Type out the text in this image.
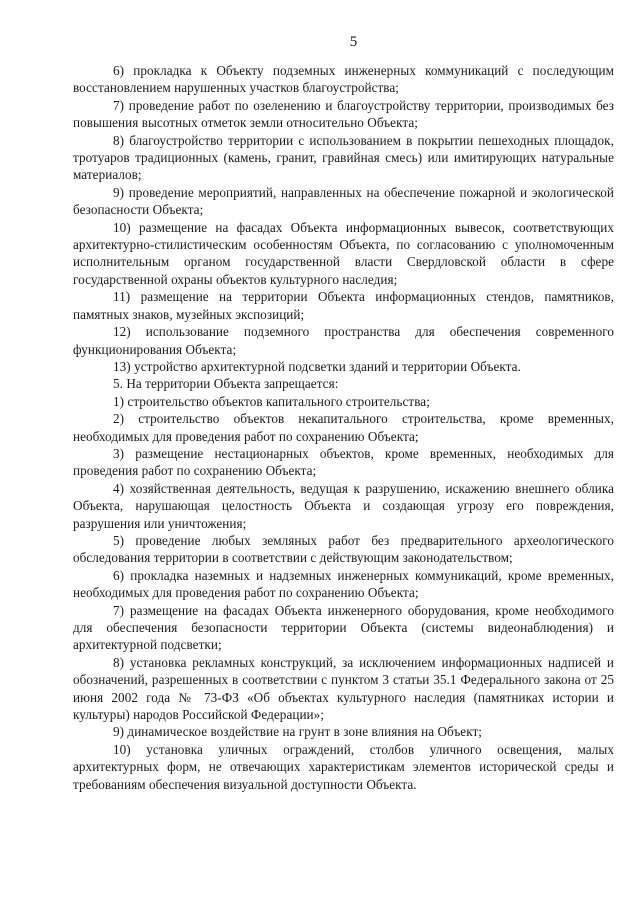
5

6) прокладка к Объекту подземных инженерных коммуникаций с последующим восстановлением нарушенных участков благоустройства;

7) проведение работ по озеленению и благоустройству территории, производимых без повышения высотных отметок земли относительно Объекта;

8) благоустройство территории с использованием в покрытии пешеходных площадок, тротуаров традиционных (камень, гранит, гравийная смесь) или имитирующих натуральные материалов;

9) проведение мероприятий, направленных на обеспечение пожарной и экологической безопасности Объекта;

10) размещение на фасадах Объекта информационных вывесок, соответствующих архитектурно-стилистическим особенностям Объекта, по согласованию с уполномоченным исполнительным органом государственной власти Свердловской области в сфере государственной охраны объектов культурного наследия;

11) размещение на территории Объекта информационных стендов, памятников, памятных знаков, музейных экспозиций;

12) использование подземного пространства для обеспечения современного функционирования Объекта;

13) устройство архитектурной подсветки зданий и территории Объекта.

5. На территории Объекта запрещается:

1) строительство объектов капитального строительства;

2) строительство объектов некапитального строительства, кроме временных, необходимых для проведения работ по сохранению Объекта;

3) размещение нестационарных объектов, кроме временных, необходимых для проведения работ по сохранению Объекта;

4) хозяйственная деятельность, ведущая к разрушению, искажению внешнего облика Объекта, нарушающая целостность Объекта и создающая угрозу его повреждения, разрушения или уничтожения;

5) проведение любых земляных работ без предварительного археологического обследования территории в соответствии с действующим законодательством;

6) прокладка наземных и надземных инженерных коммуникаций, кроме временных, необходимых для проведения работ по сохранению Объекта;

7) размещение на фасадах Объекта инженерного оборудования, кроме необходимого для обеспечения безопасности территории Объекта (системы видеонаблюдения) и архитектурной подсветки;

8) установка рекламных конструкций, за исключением информационных надписей и обозначений, разрешенных в соответствии с пунктом 3 статьи 35.1 Федерального закона от 25 июня 2002 года № 73-ФЗ «Об объектах культурного наследия (памятниках истории и культуры) народов Российской Федерации»;

9) динамическое воздействие на грунт в зоне влияния на Объект;

10) установка уличных ограждений, столбов уличного освещения, малых архитектурных форм, не отвечающих характеристикам элементов исторической среды и требованиям обеспечения визуальной доступности Объекта.
